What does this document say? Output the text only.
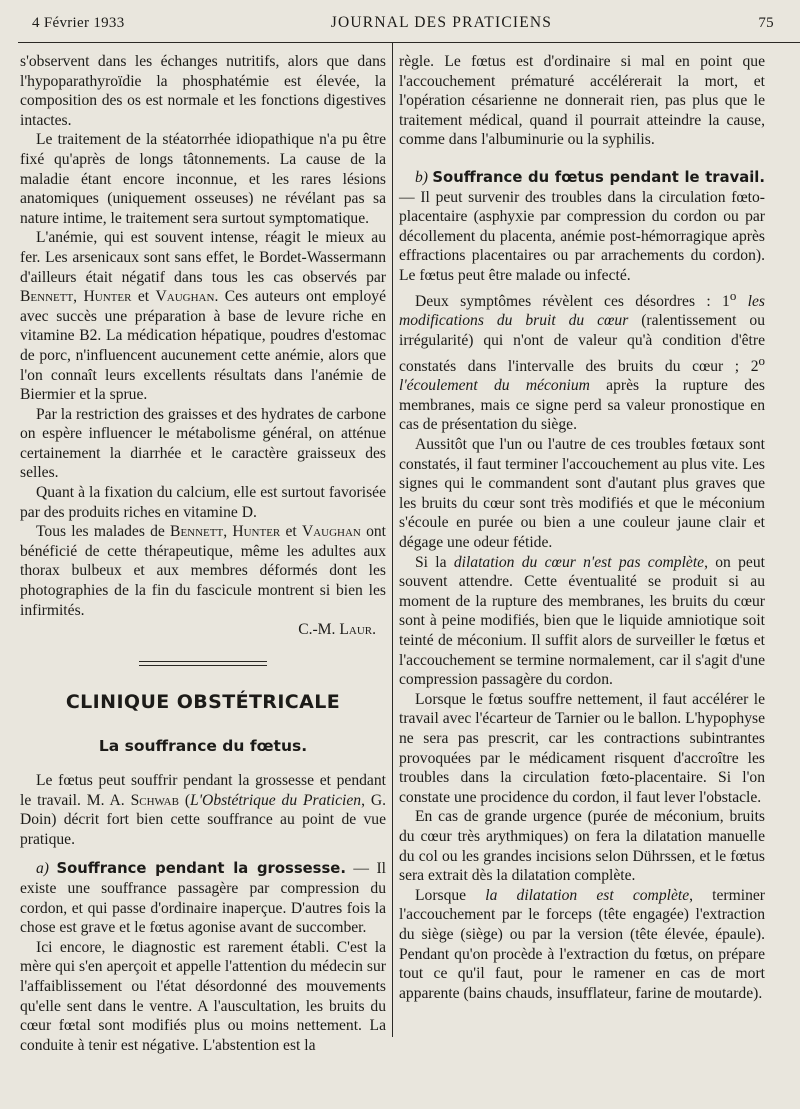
4 Février 1933	JOURNAL DES PRATICIENS	75

s'observent dans les échanges nutritifs, alors que dans l'hypoparathyroïdie la phosphatémie est élevée, la composition des os est normale et les fonctions digestives intactes.

Le traitement de la stéatorrhée idiopathique n'a pu être fixé qu'après de longs tâtonnements. La cause de la maladie étant encore inconnue, et les rares lésions anatomiques (uniquement osseuses) ne révélant pas sa nature intime, le traitement sera surtout symptomatique.

L'anémie, qui est souvent intense, réagit le mieux au fer. Les arsenicaux sont sans effet, le Bordet-Wassermann d'ailleurs était négatif dans tous les cas observés par Bennett, Hunter et Vaughan. Ces auteurs ont employé avec succès une préparation à base de levure riche en vitamine B2. La médication hépatique, poudres d'estomac de porc, n'influencent aucunement cette anémie, alors que l'on connaît leurs excellents résultats dans l'anémie de Biermier et la sprue.

Par la restriction des graisses et des hydrates de carbone on espère influencer le métabolisme général, on atténue certainement la diarrhée et le caractère graisseux des selles.

Quant à la fixation du calcium, elle est surtout favorisée par des produits riches en vitamine D.

Tous les malades de Bennett, Hunter et Vaughan ont bénéficié de cette thérapeutique, même les adultes aux thorax bulbeux et aux membres déformés dont les photographies de la fin du fascicule montrent si bien les infirmités.

C.-M. Laur.

CLINIQUE OBSTÉTRICALE
La souffrance du fœtus.

Le fœtus peut souffrir pendant la grossesse et pendant le travail. M. A. Schwab (L'Obstétrique du Praticien, G. Doin) décrit fort bien cette souffrance au point de vue pratique.

a) Souffrance pendant la grossesse. — Il existe une souffrance passagère par compression du cordon, et qui passe d'ordinaire inaperçue. D'autres fois la chose est grave et le fœtus agonise avant de succomber.

Ici encore, le diagnostic est rarement établi. C'est la mère qui s'en aperçoit et appelle l'attention du médecin sur l'affaiblissement ou l'état désordonné des mouvements qu'elle sent dans le ventre. A l'auscultation, les bruits du cœur fœtal sont modifiés plus ou moins nettement. La conduite à tenir est négative. L'abstention est la

règle. Le fœtus est d'ordinaire si mal en point que l'accouchement prématuré accélérerait la mort, et l'opération césarienne ne donnerait rien, pas plus que le traitement médical, quand il pourrait atteindre la cause, comme dans l'albuminurie ou la syphilis.

b) Souffrance du fœtus pendant le travail. — Il peut survenir des troubles dans la circulation fœto-placentaire (asphyxie par compression du cordon ou par décollement du placenta, anémie post-hémorragique après effractions placentaires ou par arrachements du cordon). Le fœtus peut être malade ou infecté.

Deux symptômes révèlent ces désordres : 1$^o$ les modifications du bruit du cœur (ralentissement ou irrégularité) qui n'ont de valeur qu'à condition d'être constatés dans l'intervalle des bruits du cœur ; 2$^o$ l'écoulement du méconium après la rupture des membranes, mais ce signe perd sa valeur pronostique en cas de présentation du siège.

Aussitôt que l'un ou l'autre de ces troubles fœtaux sont constatés, il faut terminer l'accouchement au plus vite. Les signes qui le commandent sont d'autant plus graves que les bruits du cœur sont très modifiés et que le méconium s'écoule en purée ou bien a une couleur jaune clair et dégage une odeur fétide.

Si la dilatation du cœur n'est pas complète, on peut souvent attendre. Cette éventualité se produit si au moment de la rupture des membranes, les bruits du cœur sont à peine modifiés, bien que le liquide amniotique soit teinté de méconium. Il suffit alors de surveiller le fœtus et l'accouchement se termine normalement, car il s'agit d'une compression passagère du cordon.

Lorsque le fœtus souffre nettement, il faut accélérer le travail avec l'écarteur de Tarnier ou le ballon. L'hypophyse ne sera pas prescrit, car les contractions subintrantes provoquées par le médicament risquent d'accroître les troubles dans la circulation fœto-placentaire. Si l'on constate une procidence du cordon, il faut lever l'obstacle.

En cas de grande urgence (purée de méconium, bruits du cœur très arythmiques) on fera la dilatation manuelle du col ou les grandes incisions selon Dührssen, et le fœtus sera extrait dès la dilatation complète.

Lorsque la dilatation est complète, terminer l'accouchement par le forceps (tête engagée) l'extraction du siège (siège) ou par la version (tête élevée, épaule). Pendant qu'on procède à l'extraction du fœtus, on prépare tout ce qu'il faut, pour le ramener en cas de mort apparente (bains chauds, insufflateur, farine de moutarde).
